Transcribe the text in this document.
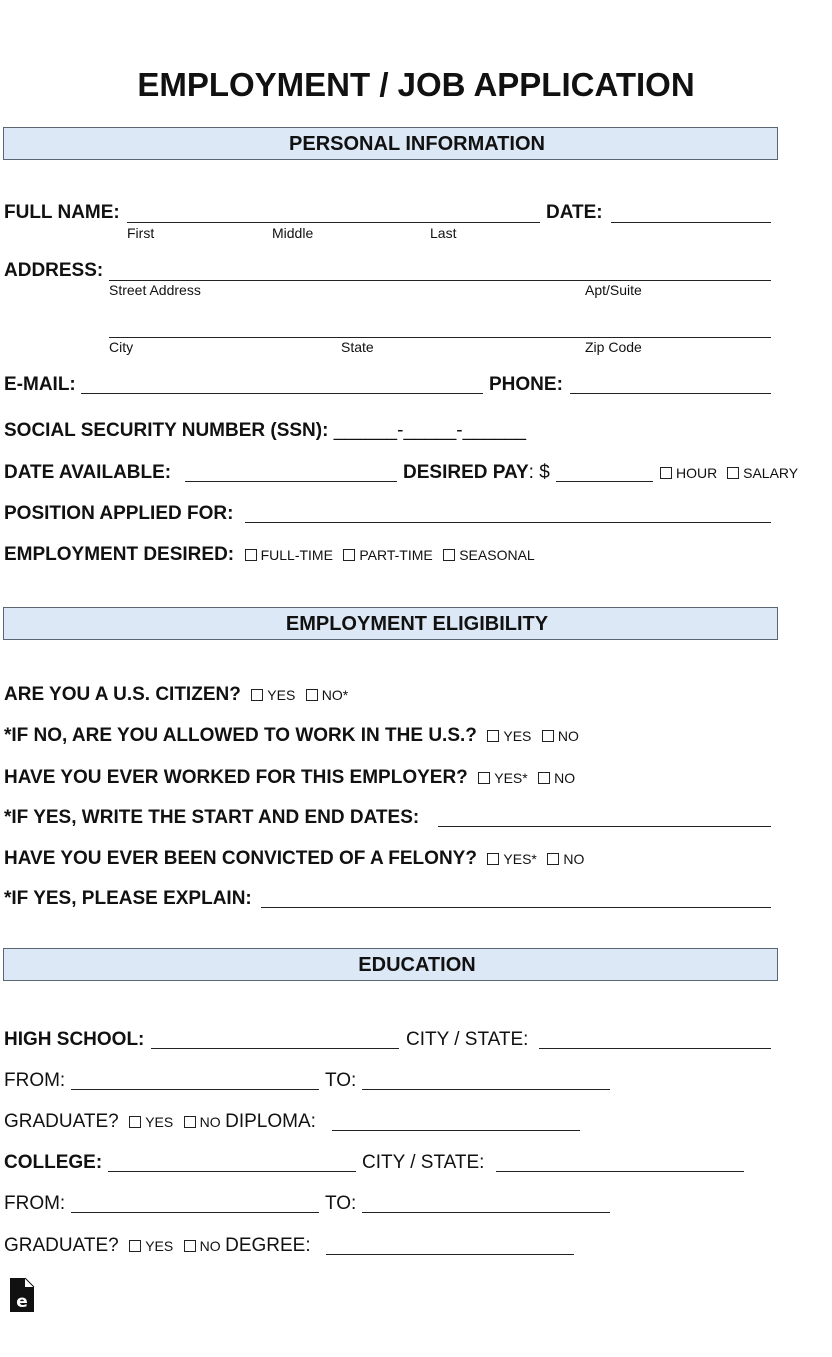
EMPLOYMENT / JOB APPLICATION
PERSONAL INFORMATION
FULL NAME:	DATE:
First	Middle	Last
ADDRESS:
Street Address	Apt/Suite
City	State	Zip Code
E-MAIL:	PHONE:
SOCIAL SECURITY NUMBER (SSN): ______-_____-______
DATE AVAILABLE:	DESIRED PAY: $	HOUR SALARY
POSITION APPLIED FOR:
EMPLOYMENT DESIRED: FULL-TIME PART-TIME SEASONAL
EMPLOYMENT ELIGIBILITY
ARE YOU A U.S. CITIZEN? YES NO*
*IF NO, ARE YOU ALLOWED TO WORK IN THE U.S.? YES NO
HAVE YOU EVER WORKED FOR THIS EMPLOYER? YES* NO
*IF YES, WRITE THE START AND END DATES:
HAVE YOU EVER BEEN CONVICTED OF A FELONY? YES* NO
*IF YES, PLEASE EXPLAIN:
EDUCATION
HIGH SCHOOL:	CITY / STATE:
FROM:	TO:
GRADUATE? YES NO DIPLOMA:
COLLEGE:	CITY / STATE:
FROM:	TO:
GRADUATE? YES NO DEGREE:
e
